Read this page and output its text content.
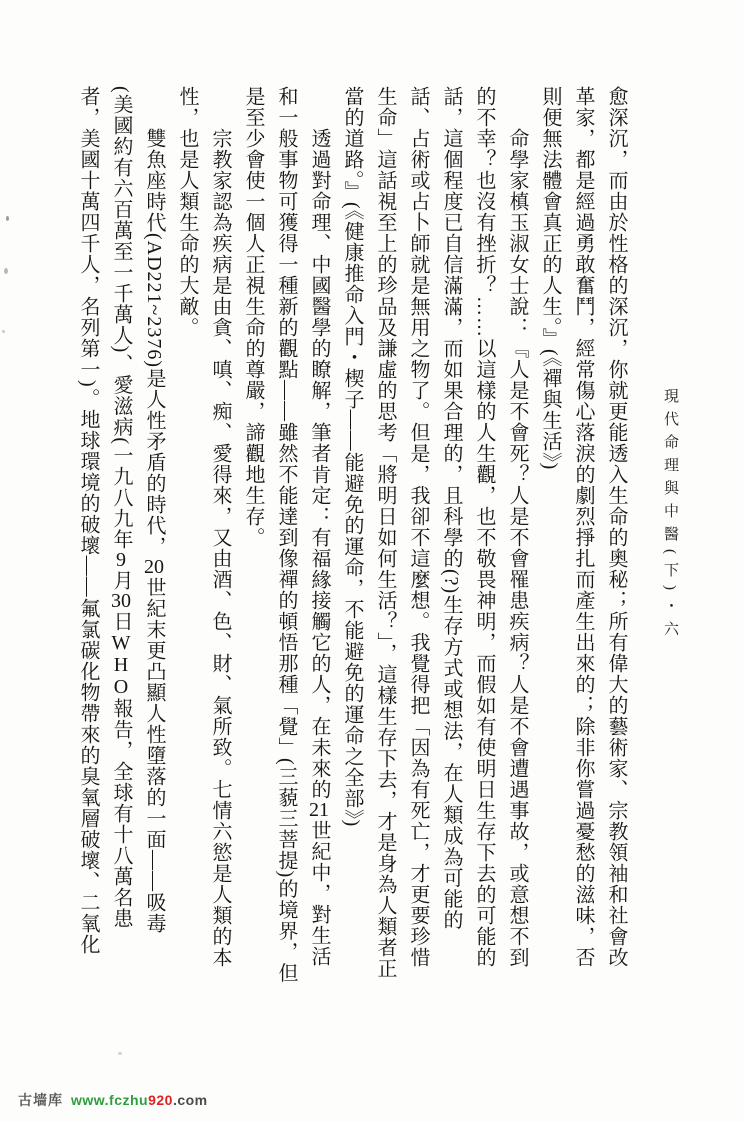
現代命理與中醫(下)・六
愈深沉，而由於性格的深沉，你就更能透入生命的奧秘；所有偉大的藝術家、宗教領袖和社會改
革家，都是經過勇敢奮鬥，經常傷心落淚的劇烈掙扎而產生出來的；除非你嘗過憂愁的滋味，否
則便無法體會真正的人生。』(《禪與生活》)
　　命學家槙玉淑女士說：『人是不會死？人是不會罹患疾病？人是不會遭遇事故，或意想不到
的不幸？也沒有挫折？……以這樣的人生觀，也不敬畏神明，而假如有使明日生存下去的可能的
話，這個程度已自信滿滿，而如果合理的，且科學的(?)生存方式或想法，在人類成為可能的
話、占術或占卜師就是無用之物了。但是，我卻不這麼想。我覺得把「因為有死亡，才更要珍惜
生命」這話視至上的珍品及謙虛的思考「將明日如何生活？」，這樣生存下去，才是身為人類者正
當的道路。』(《健康推命入門・楔子——能避免的運命，不能避免的運命之全部》)
　　透過對命理、中國醫學的瞭解，筆者肯定：有福緣接觸它的人，在未來的21世紀中，對生活
和一般事物可獲得一種新的觀點——雖然不能達到像禪的頓悟那種「覺」(三藐三菩提)的境界，但
是至少會使一個人正視生命的尊嚴，諦觀地生存。
　　宗教家認為疾病是由貪、嗔、痴、愛得來，又由酒、色、財、氣所致。七情六慾是人類的本
性，也是人類生命的大敵。
　　雙魚座時代(AD221~2376)是人性矛盾的時代，20世紀末更凸顯人性墮落的一面——吸毒
(美國約有六百萬至一千萬人)、愛滋病(一九八九年9月30日WHO報告，全球有十八萬名患
者，美國十萬四千人，名列第一)。地球環境的破壞——氟氯碳化物帶來的臭氧層破壞、二氧化
古墙库 www.fczhu920.com
